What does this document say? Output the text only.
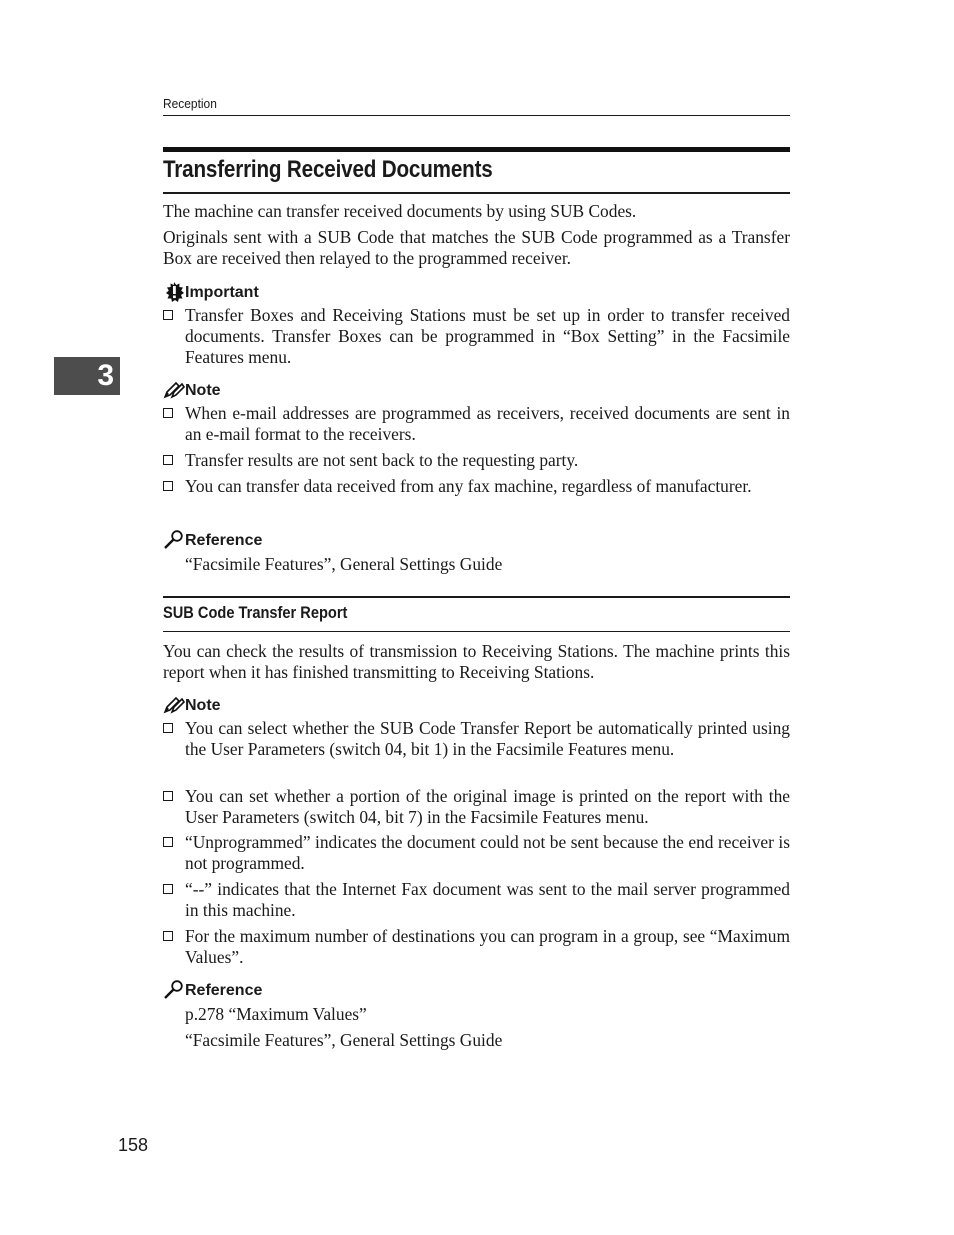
Reception
3
Transferring Received Documents

The machine can transfer received documents by using SUB Codes.

Originals sent with a SUB Code that matches the SUB Code programmed as a Transfer Box are received then relayed to the programmed receiver.

Important
Transfer Boxes and Receiving Stations must be set up in order to transfer received documents. Transfer Boxes can be programmed in “Box Setting” in the Facsimile Features menu.
Note
When e-mail addresses are programmed as receivers, received documents are sent in an e-mail format to the receivers.
Transfer results are not sent back to the requesting party.
You can transfer data received from any fax machine, regardless of manufacturer.
Reference

“Facsimile Features”, General Settings Guide

SUB Code Transfer Report

You can check the results of transmission to Receiving Stations. The machine prints this report when it has finished transmitting to Receiving Stations.

Note
You can select whether the SUB Code Transfer Report be automatically printed using the User Parameters (switch 04, bit 1) in the Facsimile Features menu.
You can set whether a portion of the original image is printed on the report with the User Parameters (switch 04, bit 7) in the Facsimile Features menu.
“Unprogrammed” indicates the document could not be sent because the end receiver is not programmed.
“--” indicates that the Internet Fax document was sent to the mail server programmed in this machine.
For the maximum number of destinations you can program in a group, see “Maximum Values”.
Reference

p.278 “Maximum Values”

“Facsimile Features”, General Settings Guide

158
